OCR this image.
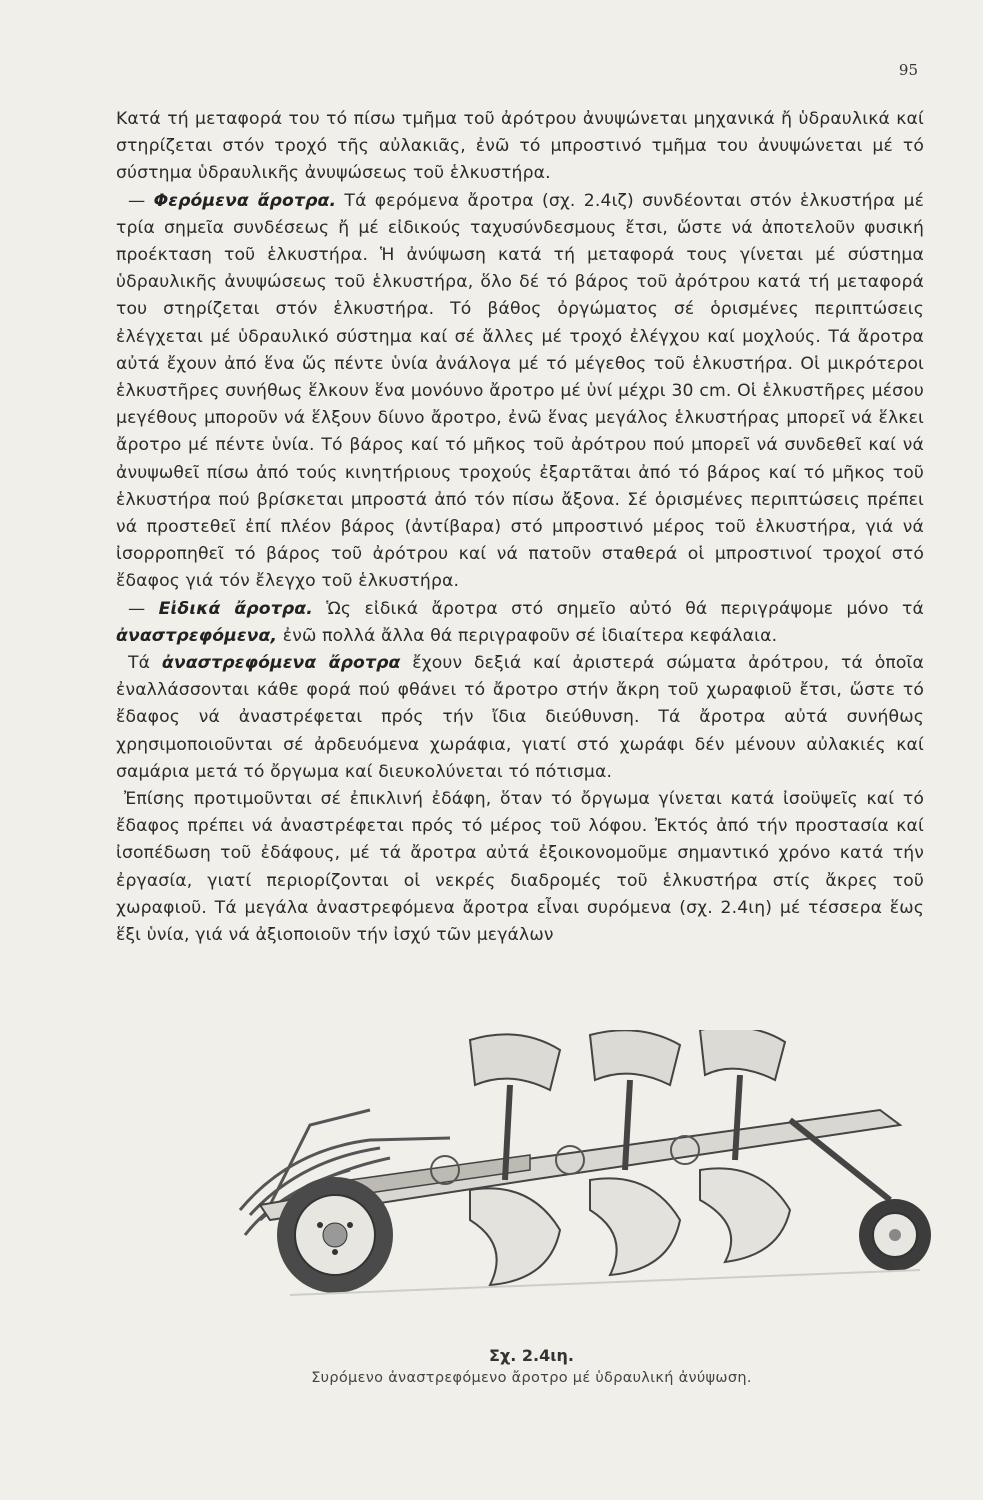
95

Κατά τή μεταφορά του τό πίσω τμῆμα τοῦ ἀρότρου ἀνυψώνεται μηχανικά ἤ ὑδραυλικά καί στηρίζεται στόν τροχό τῆς αὐλακιᾶς, ἐνῶ τό μπροστινό τμῆμα του ἀνυψώνεται μέ τό σύστημα ὑδραυλικῆς ἀνυψώσεως τοῦ ἑλκυστήρα.

— Φερόμενα ἄροτρα. Τά φερόμενα ἄροτρα (σχ. 2.4ιζ) συνδέονται στόν ἑλκυστήρα μέ τρία σημεῖα συνδέσεως ἤ μέ εἰδικούς ταχυσύνδεσμους ἔτσι, ὥστε νά ἀποτελοῦν φυσική προέκταση τοῦ ἑλκυστήρα. Ἡ ἀνύψωση κατά τή μεταφορά τους γίνεται μέ σύστημα ὑδραυλικῆς ἀνυψώσεως τοῦ ἑλκυστήρα, ὅλο δέ τό βάρος τοῦ ἀρότρου κατά τή μεταφορά του στηρίζεται στόν ἑλκυστήρα. Τό βάθος ὀργώματος σέ ὁρισμένες περιπτώσεις ἐλέγχεται μέ ὑδραυλικό σύστημα καί σέ ἄλλες μέ τροχό ἐλέγχου καί μοχλούς. Τά ἄροτρα αὐτά ἔχουν ἀπό ἕνα ὥς πέντε ὑνία ἀνάλογα μέ τό μέγεθος τοῦ ἑλκυστήρα. Οἱ μικρότεροι ἑλκυστῆρες συνήθως ἕλκουν ἕνα μονόυνο ἄροτρο μέ ὑνί μέχρι 30 cm. Οἱ ἑλκυστῆρες μέσου μεγέθους μποροῦν νά ἕλξουν δίυνο ἄροτρο, ἐνῶ ἕνας μεγάλος ἑλκυστήρας μπορεῖ νά ἕλκει ἄροτρο μέ πέντε ὑνία. Τό βάρος καί τό μῆκος τοῦ ἀρότρου πού μπορεῖ νά συνδεθεῖ καί νά ἀνυψωθεῖ πίσω ἀπό τούς κινητήριους τροχούς ἐξαρτᾶται ἀπό τό βάρος καί τό μῆκος τοῦ ἑλκυστήρα πού βρίσκεται μπροστά ἀπό τόν πίσω ἄξονα. Σέ ὁρισμένες περιπτώσεις πρέπει νά προστεθεῖ ἐπί πλέον βάρος (ἀντίβαρα) στό μπροστινό μέρος τοῦ ἑλκυστήρα, γιά νά ἰσορροπηθεῖ τό βάρος τοῦ ἀρότρου καί νά πατοῦν σταθερά οἱ μπροστινοί τροχοί στό ἔδαφος γιά τόν ἔλεγχο τοῦ ἑλκυστήρα.

— Εἰδικά ἄροτρα. Ὡς εἰδικά ἄροτρα στό σημεῖο αὐτό θά περιγράψομε μόνο τά ἀναστρεφόμενα, ἐνῶ πολλά ἄλλα θά περιγραφοῦν σέ ἰδιαίτερα κεφάλαια.

Τά ἀναστρεφόμενα ἄροτρα ἔχουν δεξιά καί ἀριστερά σώματα ἀρότρου, τά ὁποῖα ἐναλλάσσονται κάθε φορά πού φθάνει τό ἄροτρο στήν ἄκρη τοῦ χωραφιοῦ ἔτσι, ὥστε τό ἔδαφος νά ἀναστρέφεται πρός τήν ἴδια διεύθυνση. Τά ἄροτρα αὐτά συνήθως χρησιμοποιοῦνται σέ ἀρδευόμενα χωράφια, γιατί στό χωράφι δέν μένουν αὐλακιές καί σαμάρια μετά τό ὄργωμα καί διευκολύνεται τό πότισμα.

Ἐπίσης προτιμοῦνται σέ ἐπικλινή ἐδάφη, ὅταν τό ὄργωμα γίνεται κατά ἰσοϋψεῖς καί τό ἔδαφος πρέπει νά ἀναστρέφεται πρός τό μέρος τοῦ λόφου. Ἐκτός ἀπό τήν προστασία καί ἰσοπέδωση τοῦ ἐδάφους, μέ τά ἄροτρα αὐτά ἐξοικονομοῦμε σημαντικό χρόνο κατά τήν ἐργασία, γιατί περιορίζονται οἱ νεκρές διαδρομές τοῦ ἑλκυστήρα στίς ἄκρες τοῦ χωραφιοῦ. Τά μεγάλα ἀναστρεφόμενα ἄροτρα εἶναι συρόμενα (σχ. 2.4ιη) μέ τέσσερα ἕως ἕξι ὑνία, γιά νά ἀξιοποιοῦν τήν ἰσχύ τῶν μεγάλων

Σχ. 2.4ιη.
Συρόμενο ἀναστρεφόμενο ἄροτρο μέ ὑδραυλική ἀνύψωση.
